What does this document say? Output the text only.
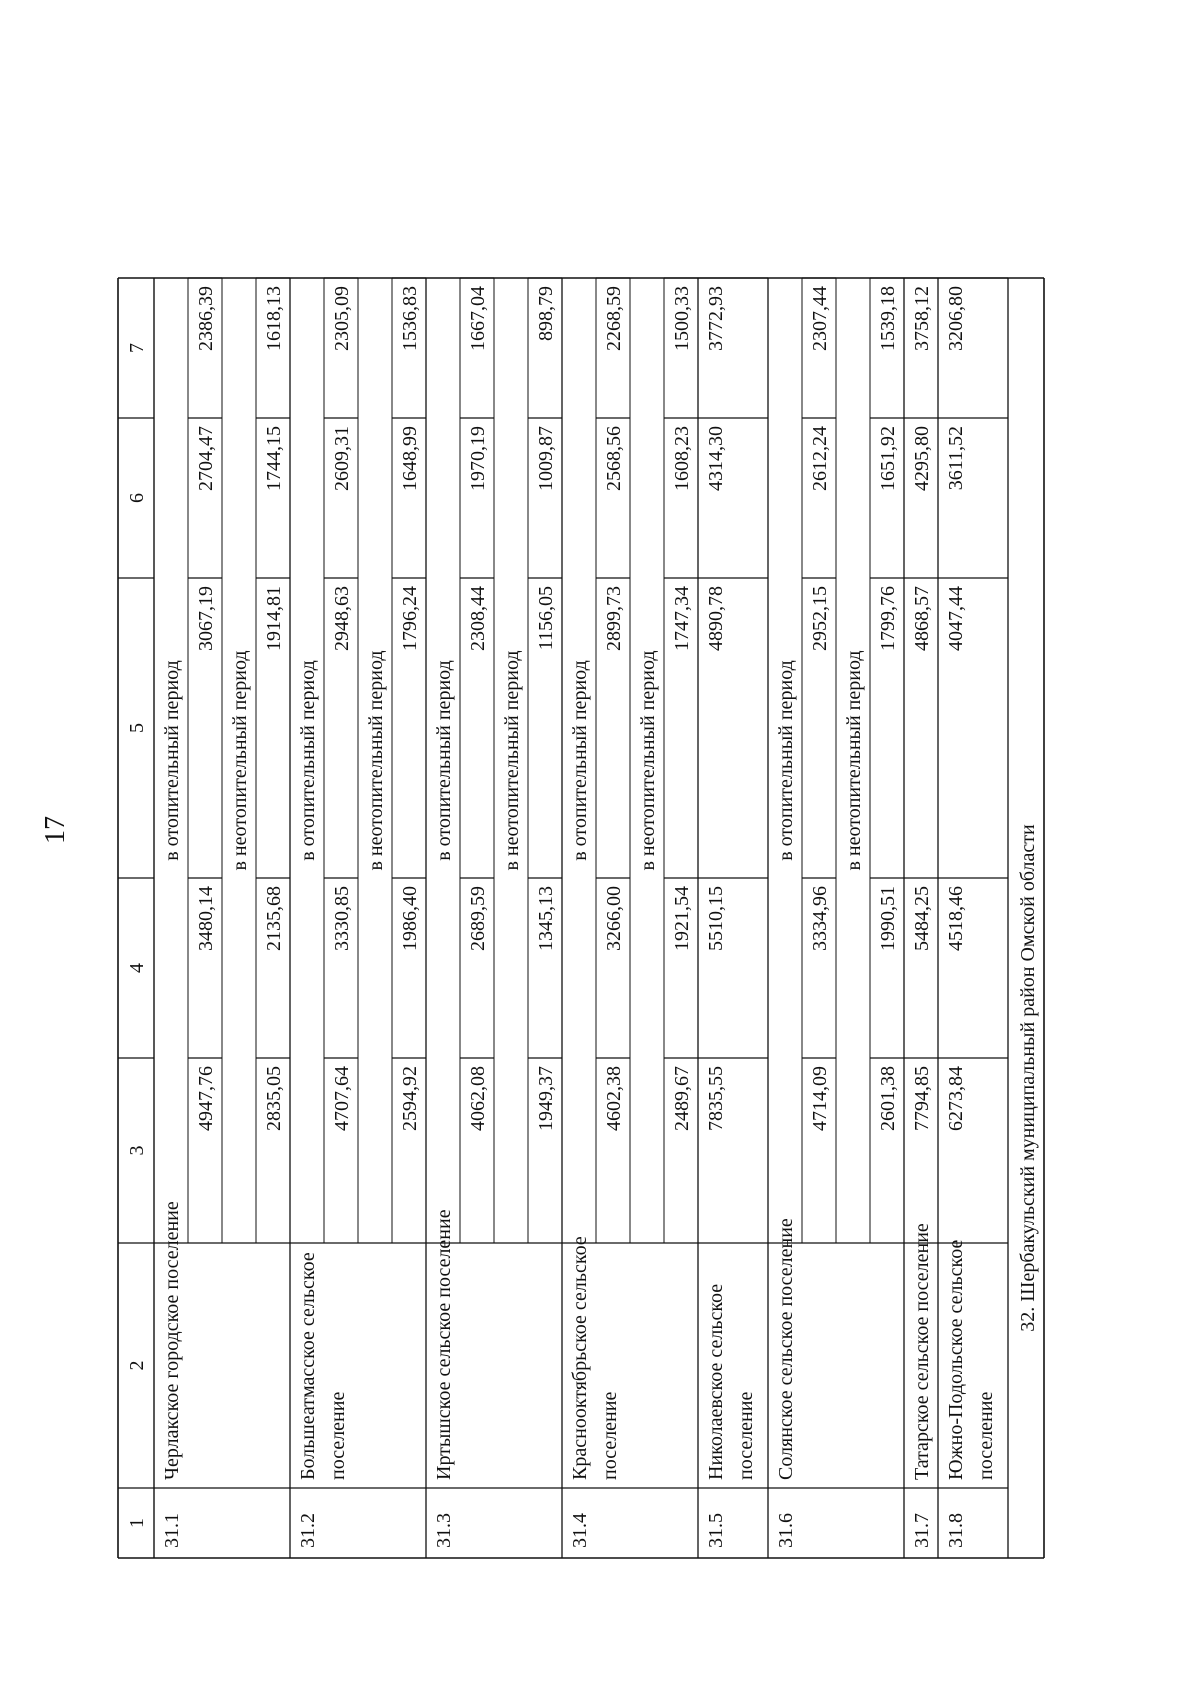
17
1
2
3
4
5
6
7
31.1
Черлакское городское поселение
в отопительный период
4947,76
3480,14
3067,19
2704,47
2386,39
в неотопительный период
2835,05
2135,68
1914,81
1744,15
1618,13
31.2
Большеатмасское сельское поселение
в отопительный период
4707,64
3330,85
2948,63
2609,31
2305,09
в неотопительный период
2594,92
1986,40
1796,24
1648,99
1536,83
31.3
Иртышское сельское поселение
в отопительный период
4062,08
2689,59
2308,44
1970,19
1667,04
в неотопительный период
1949,37
1345,13
1156,05
1009,87
898,79
31.4
Краснооктябрьское сельское поселение
в отопительный период
4602,38
3266,00
2899,73
2568,56
2268,59
в неотопительный период
2489,67
1921,54
1747,34
1608,23
1500,33
31.5
Николаевское сельское поселение
7835,55
5510,15
4890,78
4314,30
3772,93
31.6
Солянское сельское поселение
в отопительный период
4714,09
3334,96
2952,15
2612,24
2307,44
в неотопительный период
2601,38
1990,51
1799,76
1651,92
1539,18
31.7
Татарское сельское поселение
7794,85
5484,25
4868,57
4295,80
3758,12
31.8
Южно-Подольское сельское поселение
6273,84
4518,46
4047,44
3611,52
3206,80
32. Шербакульский муниципальный район Омской области
